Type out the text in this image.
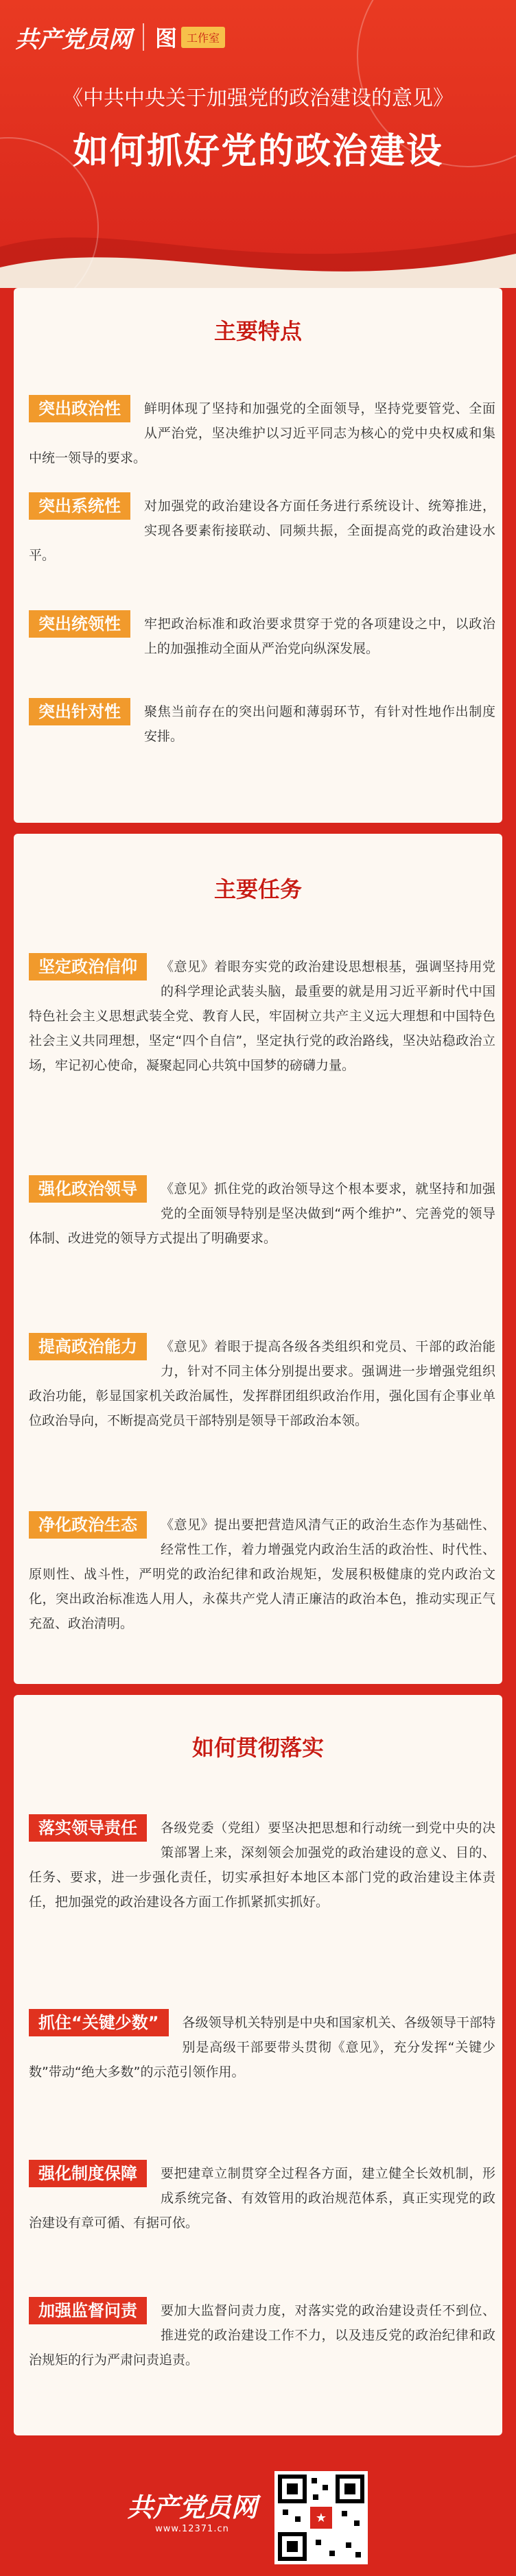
共产党员网 图 工作室
《中共中央关于加强党的政治建设的意见》
如何抓好党的政治建设
主要特点
突出政治性	鲜明体现了坚持和加强党的全面领导，坚持党要管党、全面从严治党，坚决维护以习近平同志为核心的党中央权威和集中统一领导的要求。
突出系统性	对加强党的政治建设各方面任务进行系统设计、统筹推进，实现各要素衔接联动、同频共振，全面提高党的政治建设水平。
突出统领性	牢把政治标准和政治要求贯穿于党的各项建设之中，以政治上的加强推动全面从严治党向纵深发展。
突出针对性	聚焦当前存在的突出问题和薄弱环节，有针对性地作出制度安排。
主要任务
坚定政治信仰	《意见》着眼夯实党的政治建设思想根基，强调坚持用党的科学理论武装头脑，最重要的就是用习近平新时代中国特色社会主义思想武装全党、教育人民，牢固树立共产主义远大理想和中国特色社会主义共同理想，坚定“四个自信”，坚定执行党的政治路线，坚决站稳政治立场，牢记初心使命，凝聚起同心共筑中国梦的磅礴力量。
强化政治领导	《意见》抓住党的政治领导这个根本要求，就坚持和加强党的全面领导特别是坚决做到“两个维护”、完善党的领导体制、改进党的领导方式提出了明确要求。
提高政治能力	《意见》着眼于提高各级各类组织和党员、干部的政治能力，针对不同主体分别提出要求。强调进一步增强党组织政治功能，彰显国家机关政治属性，发挥群团组织政治作用，强化国有企事业单位政治导向，不断提高党员干部特别是领导干部政治本领。
净化政治生态	《意见》提出要把营造风清气正的政治生态作为基础性、经常性工作，着力增强党内政治生活的政治性、时代性、原则性、战斗性，严明党的政治纪律和政治规矩，发展积极健康的党内政治文化，突出政治标准选人用人，永葆共产党人清正廉洁的政治本色，推动实现正气充盈、政治清明。
如何贯彻落实
落实领导责任	各级党委（党组）要坚决把思想和行动统一到党中央的决策部署上来，深刻领会加强党的政治建设的意义、目的、任务、要求，进一步强化责任，切实承担好本地区本部门党的政治建设主体责任，把加强党的政治建设各方面工作抓紧抓实抓好。
抓住“关键少数”	各级领导机关特别是中央和国家机关、各级领导干部特别是高级干部要带头贯彻《意见》，充分发挥“关键少数”带动“绝大多数”的示范引领作用。
强化制度保障	要把建章立制贯穿全过程各方面，建立健全长效机制，形成系统完备、有效管用的政治规范体系，真正实现党的政治建设有章可循、有据可依。
加强监督问责	要加大监督问责力度，对落实党的政治建设责任不到位、推进党的政治建设工作不力，以及违反党的政治纪律和政治规矩的行为严肃问责追责。
共产党员网
www.12371.cn
★
